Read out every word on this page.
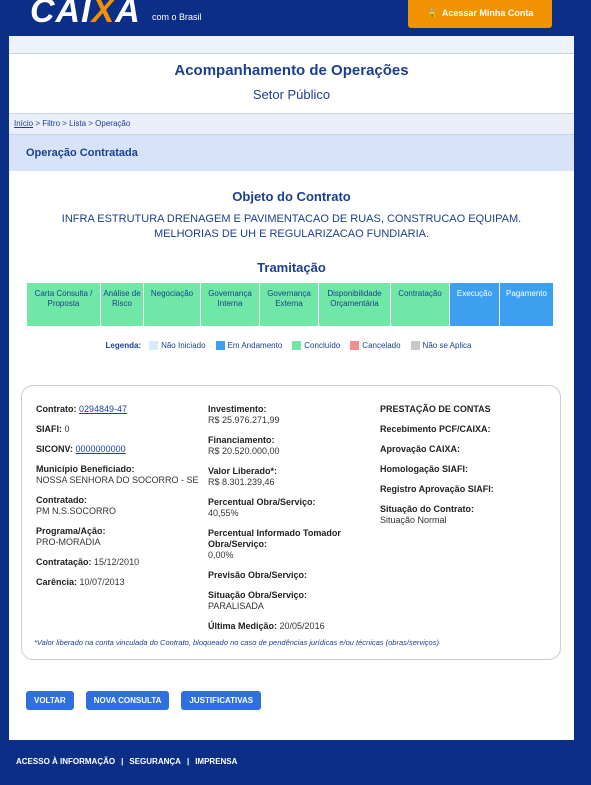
CAIXA com o Brasil	🔒 Acessar Minha Conta
Acompanhamento de Operações
Setor Público
Início > Filtro > Lista > Operação
Operação Contratada
Objeto do Contrato
INFRA ESTRUTURA DRENAGEM E PAVIMENTACAO DE RUAS, CONSTRUCAO EQUIPAM. MELHORIAS DE UH E REGULARIZACAO FUNDIARIA.
Tramitação
Carta Consulta / Proposta
Análise de Risco
Negociação	Governança Interna
Governança Externa
Disponibilidade Orçamentária
Contratação	Execução	Pagamento
Legenda:	Não Iniciado	Em Andamento	Concluído	Cancelado	Não se Aplica
Contrato: 0294849-47
SIAFI: 0
SICONV: 0000000000
Município Beneficiado:
NOSSA SENHORA DO SOCORRO - SE
Contratado:
PM N.S.SOCORRO
Programa/Ação:
PRO-MORADIA
Contratação: 15/12/2010
Carência: 10/07/2013
Investimento:
R$ 25.976.271,99
Financiamento:
R$ 20.520.000,00
Valor Liberado*:
R$ 8.301.239,46
Percentual Obra/Serviço:
40,55%
Percentual Informado Tomador Obra/Serviço:
0,00%
Previsão Obra/Serviço:
Situação Obra/Serviço:
PARALISADA
Última Medição: 20/05/2016
PRESTAÇÃO DE CONTAS
Recebimento PCF/CAIXA:
Aprovação CAIXA:
Homologação SIAFI:
Registro Aprovação SIAFI:
Situação do Contrato:
Situação Normal
*Valor liberado na conta vinculada do Contrato, bloqueado no caso de pendências jurídicas e/ou técnicas (obras/serviços)
VOLTAR	NOVA CONSULTA	JUSTIFICATIVAS
ACESSO À INFORMAÇÃO | SEGURANÇA | IMPRENSA
